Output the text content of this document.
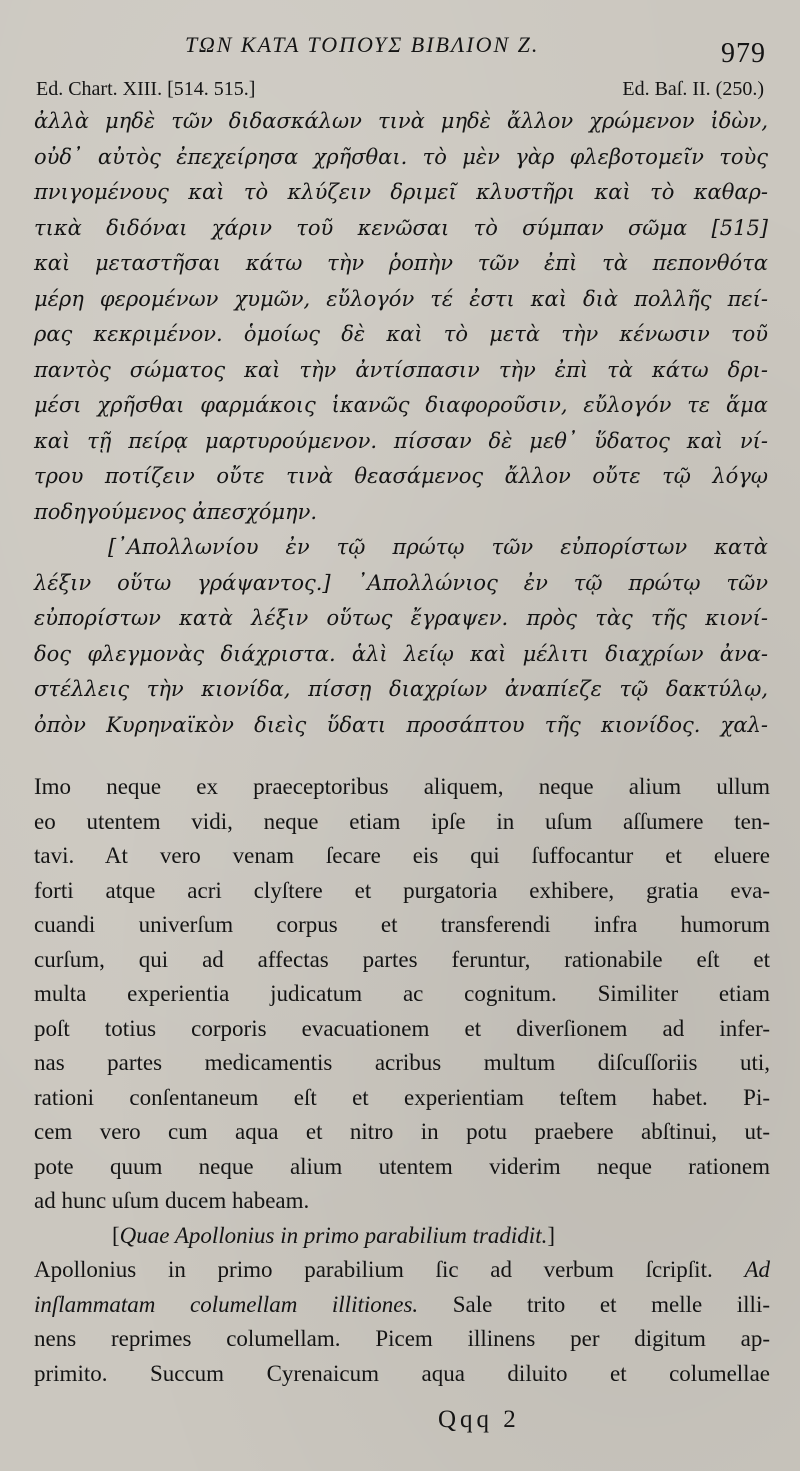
ΤΩΝ ΚΑΤΑ ΤΟΠΟΥΣ ΒΙΒΛΙΟΝ Ζ.	979
Ed. Chart. XIII. [514. 515.]	Ed. Baſ. II. (250.)
ἀλλὰ μηδὲ τῶν διδασκάλων τινὰ μηδὲ ἄλλον χρώμενον ἰδὼν,
οὐδ᾿ αὐτὸς ἐπεχείρησα χρῆσθαι. τὸ μὲν γὰρ φλεβοτομεῖν τοὺς
πνιγομένους καὶ τὸ κλύζειν δριμεῖ κλυστῆρι καὶ τὸ καθαρ-
τικὰ διδόναι χάριν τοῦ κενῶσαι τὸ σύμπαν σῶμα [515]
καὶ μεταστῆσαι κάτω τὴν ῥοπὴν τῶν ἐπὶ τὰ πεπονθότα
μέρη φερομένων χυμῶν, εὔλογόν τέ ἐστι καὶ διὰ πολλῆς πεί-
ρας κεκριμένον. ὁμοίως δὲ καὶ τὸ μετὰ τὴν κένωσιν τοῦ
παντὸς σώματος καὶ τὴν ἀντίσπασιν τὴν ἐπὶ τὰ κάτω δρι-
μέσι χρῆσθαι φαρμάκοις ἱκανῶς διαφοροῦσιν, εὔλογόν τε ἅμα
καὶ τῇ πείρᾳ μαρτυρούμενον. πίσσαν δὲ μεθ᾿ ὕδατος καὶ νί-
τρου ποτίζειν οὔτε τινὰ θεασάμενος ἄλλον οὔτε τῷ λόγῳ
ποδηγούμενος ἀπεσχόμην.
[᾿Απολλωνίου ἐν τῷ πρώτῳ τῶν εὐπορίστων κατὰ
λέξιν οὕτω γράψαντος.] ᾿Απολλώνιος ἐν τῷ πρώτῳ τῶν
εὐπορίστων κατὰ λέξιν οὕτως ἔγραψεν. πρὸς τὰς τῆς κιονί-
δος φλεγμονὰς διάχριστα. ἁλὶ λείῳ καὶ μέλιτι διαχρίων ἀνα-
στέλλεις τὴν κιονίδα, πίσσῃ διαχρίων ἀναπίεζε τῷ δακτύλῳ,
ὀπὸν Κυρηναϊκὸν διεὶς ὕδατι προσάπτου τῆς κιονίδος. χαλ-
Imo neque ex praeceptoribus aliquem, neque alium ullum
eo utentem vidi, neque etiam ipſe in uſum aſſumere ten-
tavi. At vero venam ſecare eis qui ſuffocantur et eluere
forti atque acri clyſtere et purgatoria exhibere, gratia eva-
cuandi univerſum corpus et transferendi infra humorum
curſum, qui ad affectas partes feruntur, rationabile eſt et
multa experientia judicatum ac cognitum. Similiter etiam
poſt totius corporis evacuationem et diverſionem ad infer-
nas partes medicamentis acribus multum diſcuſſoriis uti,
rationi conſentaneum eſt et experientiam teſtem habet. Pi-
cem vero cum aqua et nitro in potu praebere abſtinui, ut-
pote quum neque alium utentem viderim neque rationem
ad hunc uſum ducem habeam.
[Quae Apollonius in primo parabilium tradidit.]
Apollonius in primo parabilium ſic ad verbum ſcripſit. Ad
inſlammatam columellam illitiones. Sale trito et melle illi-
nens reprimes columellam. Picem illinens per digitum ap-
primito. Succum Cyrenaicum aqua diluito et columellae
Qqq 2
